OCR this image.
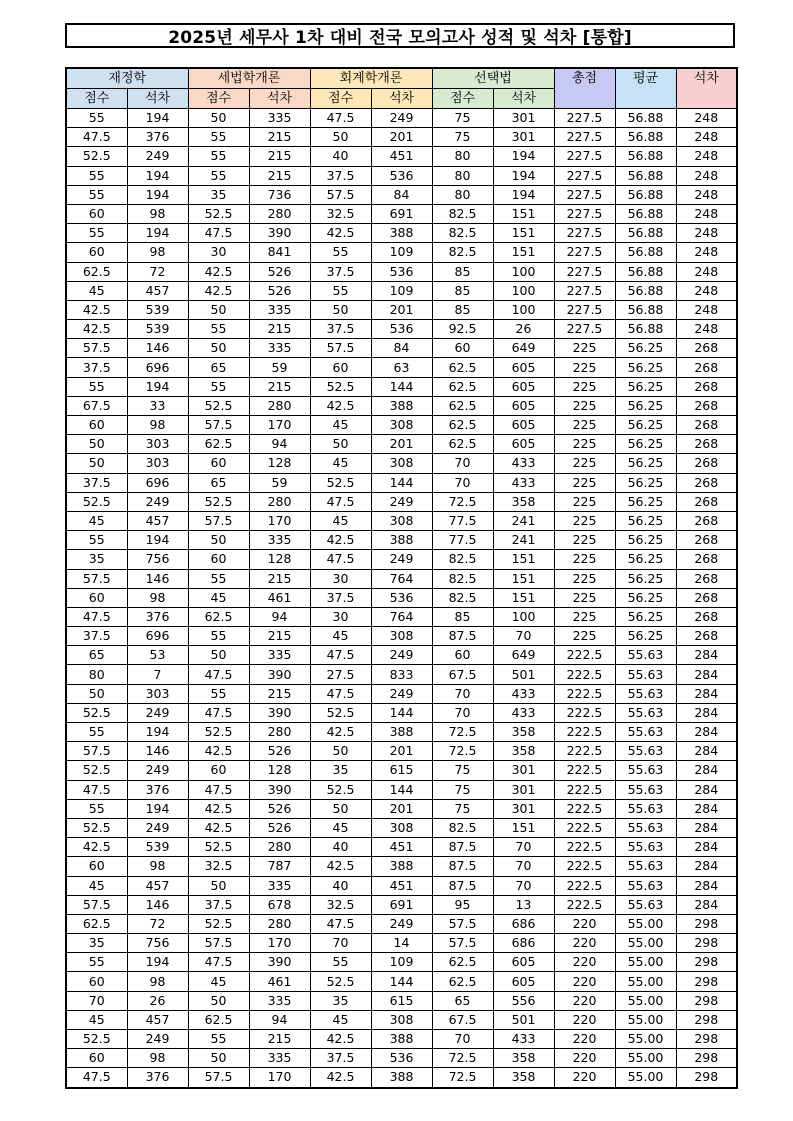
2025년 세무사 1차 대비 전국 모의고사 성적 및 석차 [통합]
재정학		세법학개론		회계학개론		선택법		총점	평균	석차
점수	석차	점수	석차	점수	석차	점수	석차			
55	194	50	335	47.5	249	75	301	227.5	56.88	248
47.5	376	55	215	50	201	75	301	227.5	56.88	248
52.5	249	55	215	40	451	80	194	227.5	56.88	248
55	194	55	215	37.5	536	80	194	227.5	56.88	248
55	194	35	736	57.5	84	80	194	227.5	56.88	248
60	98	52.5	280	32.5	691	82.5	151	227.5	56.88	248
55	194	47.5	390	42.5	388	82.5	151	227.5	56.88	248
60	98	30	841	55	109	82.5	151	227.5	56.88	248
62.5	72	42.5	526	37.5	536	85	100	227.5	56.88	248
45	457	42.5	526	55	109	85	100	227.5	56.88	248
42.5	539	50	335	50	201	85	100	227.5	56.88	248
42.5	539	55	215	37.5	536	92.5	26	227.5	56.88	248
57.5	146	50	335	57.5	84	60	649	225	56.25	268
37.5	696	65	59	60	63	62.5	605	225	56.25	268
55	194	55	215	52.5	144	62.5	605	225	56.25	268
67.5	33	52.5	280	42.5	388	62.5	605	225	56.25	268
60	98	57.5	170	45	308	62.5	605	225	56.25	268
50	303	62.5	94	50	201	62.5	605	225	56.25	268
50	303	60	128	45	308	70	433	225	56.25	268
37.5	696	65	59	52.5	144	70	433	225	56.25	268
52.5	249	52.5	280	47.5	249	72.5	358	225	56.25	268
45	457	57.5	170	45	308	77.5	241	225	56.25	268
55	194	50	335	42.5	388	77.5	241	225	56.25	268
35	756	60	128	47.5	249	82.5	151	225	56.25	268
57.5	146	55	215	30	764	82.5	151	225	56.25	268
60	98	45	461	37.5	536	82.5	151	225	56.25	268
47.5	376	62.5	94	30	764	85	100	225	56.25	268
37.5	696	55	215	45	308	87.5	70	225	56.25	268
65	53	50	335	47.5	249	60	649	222.5	55.63	284
80	7	47.5	390	27.5	833	67.5	501	222.5	55.63	284
50	303	55	215	47.5	249	70	433	222.5	55.63	284
52.5	249	47.5	390	52.5	144	70	433	222.5	55.63	284
55	194	52.5	280	42.5	388	72.5	358	222.5	55.63	284
57.5	146	42.5	526	50	201	72.5	358	222.5	55.63	284
52.5	249	60	128	35	615	75	301	222.5	55.63	284
47.5	376	47.5	390	52.5	144	75	301	222.5	55.63	284
55	194	42.5	526	50	201	75	301	222.5	55.63	284
52.5	249	42.5	526	45	308	82.5	151	222.5	55.63	284
42.5	539	52.5	280	40	451	87.5	70	222.5	55.63	284
60	98	32.5	787	42.5	388	87.5	70	222.5	55.63	284
45	457	50	335	40	451	87.5	70	222.5	55.63	284
57.5	146	37.5	678	32.5	691	95	13	222.5	55.63	284
62.5	72	52.5	280	47.5	249	57.5	686	220	55.00	298
35	756	57.5	170	70	14	57.5	686	220	55.00	298
55	194	47.5	390	55	109	62.5	605	220	55.00	298
60	98	45	461	52.5	144	62.5	605	220	55.00	298
70	26	50	335	35	615	65	556	220	55.00	298
45	457	62.5	94	45	308	67.5	501	220	55.00	298
52.5	249	55	215	42.5	388	70	433	220	55.00	298
60	98	50	335	37.5	536	72.5	358	220	55.00	298
47.5	376	57.5	170	42.5	388	72.5	358	220	55.00	298
